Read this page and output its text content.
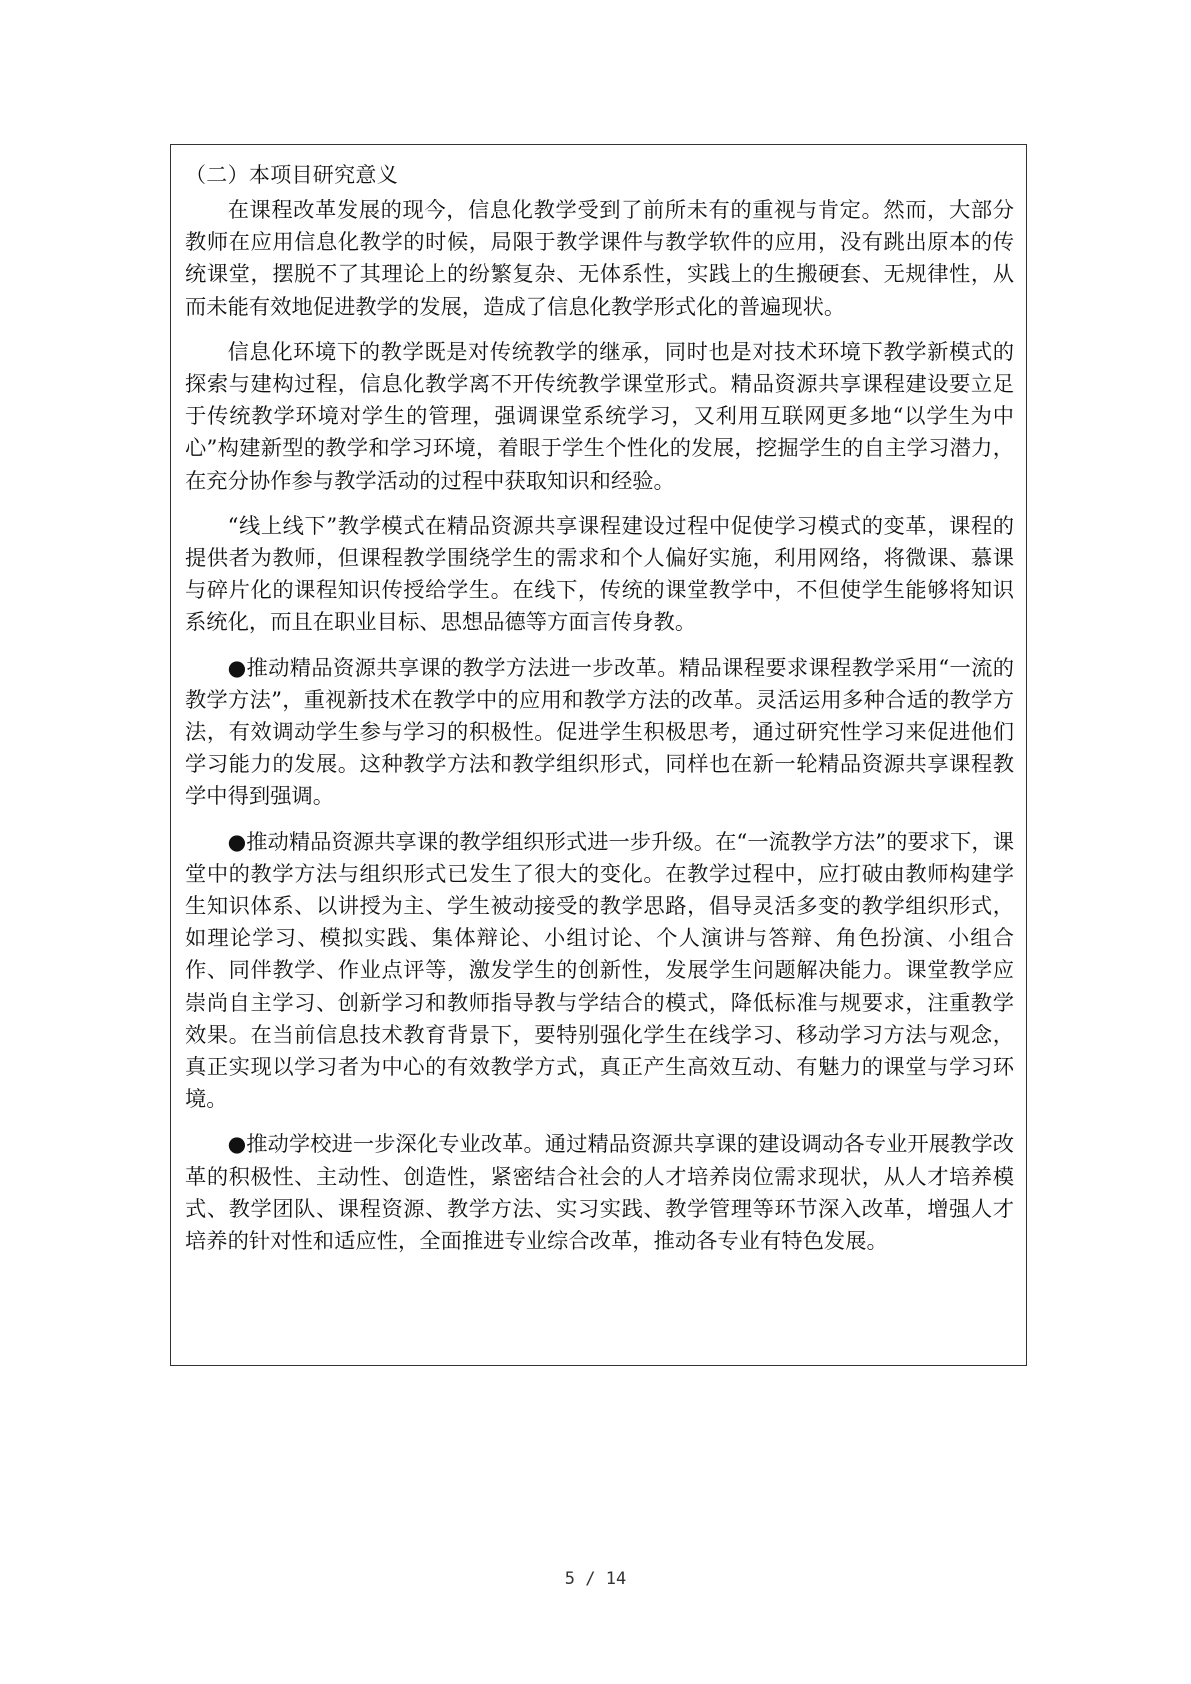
（二）本项目研究意义

在课程改革发展的现今，信息化教学受到了前所未有的重视与肯定。然而，大部分教师在应用信息化教学的时候，局限于教学课件与教学软件的应用，没有跳出原本的传统课堂，摆脱不了其理论上的纷繁复杂、无体系性，实践上的生搬硬套、无规律性，从而未能有效地促进教学的发展，造成了信息化教学形式化的普遍现状。

信息化环境下的教学既是对传统教学的继承，同时也是对技术环境下教学新模式的探索与建构过程，信息化教学离不开传统教学课堂形式。精品资源共享课程建设要立足于传统教学环境对学生的管理，强调课堂系统学习，又利用互联网更多地“以学生为中心”构建新型的教学和学习环境，着眼于学生个性化的发展，挖掘学生的自主学习潜力，在充分协作参与教学活动的过程中获取知识和经验。

“线上线下”教学模式在精品资源共享课程建设过程中促使学习模式的变革，课程的提供者为教师，但课程教学围绕学生的需求和个人偏好实施，利用网络，将微课、慕课与碎片化的课程知识传授给学生。在线下，传统的课堂教学中，不但使学生能够将知识系统化，而且在职业目标、思想品德等方面言传身教。

●推动精品资源共享课的教学方法进一步改革。精品课程要求课程教学采用“一流的教学方法”，重视新技术在教学中的应用和教学方法的改革。灵活运用多种合适的教学方法，有效调动学生参与学习的积极性。促进学生积极思考，通过研究性学习来促进他们学习能力的发展。这种教学方法和教学组织形式，同样也在新一轮精品资源共享课程教学中得到强调。

●推动精品资源共享课的教学组织形式进一步升级。在“一流教学方法”的要求下，课堂中的教学方法与组织形式已发生了很大的变化。在教学过程中，应打破由教师构建学生知识体系、以讲授为主、学生被动接受的教学思路，倡导灵活多变的教学组织形式，如理论学习、模拟实践、集体辩论、小组讨论、个人演讲与答辩、角色扮演、小组合作、同伴教学、作业点评等，激发学生的创新性，发展学生问题解决能力。课堂教学应崇尚自主学习、创新学习和教师指导教与学结合的模式，降低标准与规要求，注重教学效果。在当前信息技术教育背景下，要特别强化学生在线学习、移动学习方法与观念，真正实现以学习者为中心的有效教学方式，真正产生高效互动、有魅力的课堂与学习环境。

●推动学校进一步深化专业改革。通过精品资源共享课的建设调动各专业开展教学改革的积极性、主动性、创造性，紧密结合社会的人才培养岗位需求现状，从人才培养模式、教学团队、课程资源、教学方法、实习实践、教学管理等环节深入改革，增强人才培养的针对性和适应性，全面推进专业综合改革，推动各专业有特色发展。

5 / 14
